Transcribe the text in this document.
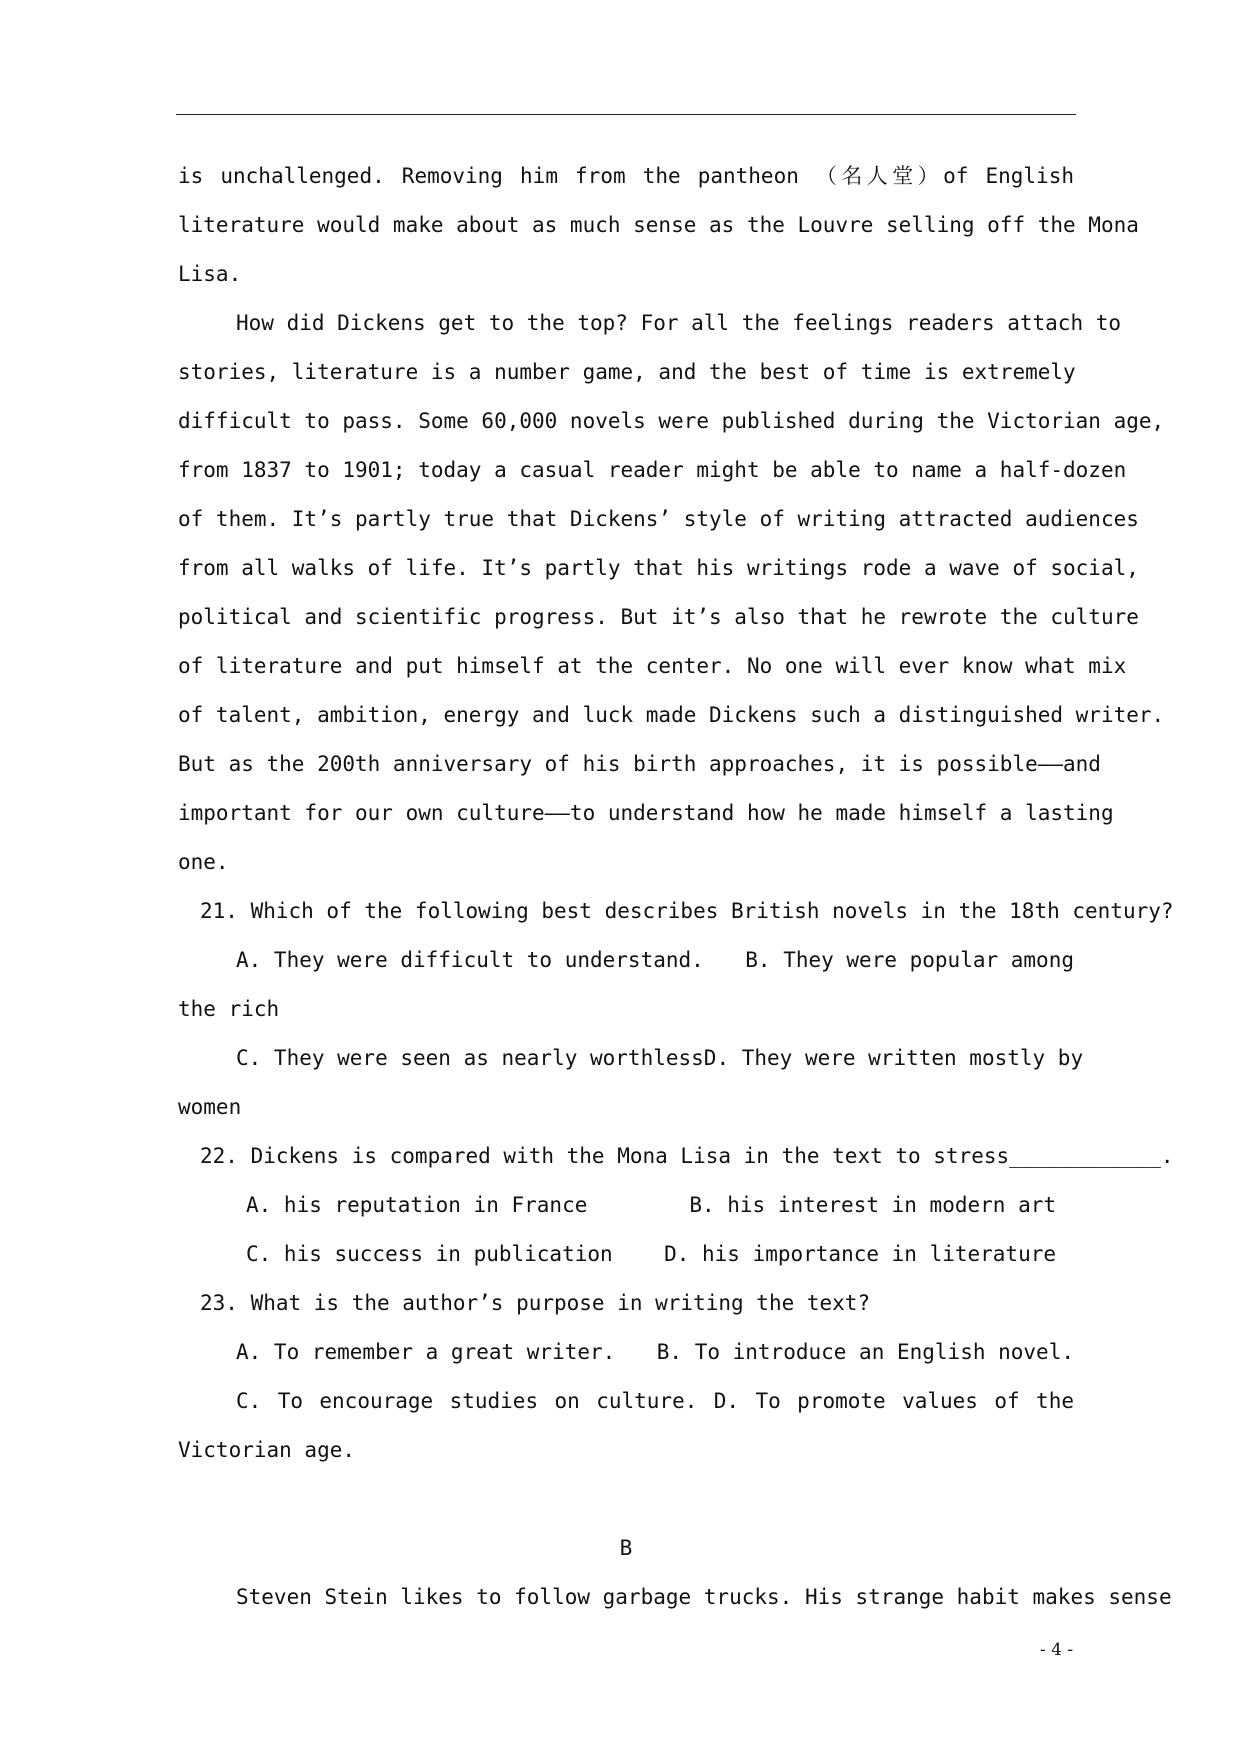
is unchallenged. Removing him from the pantheon （名人堂）of English
literature would make about as much sense as the Louvre selling off the Mona
Lisa.
How did Dickens get to the top? For all the feelings readers attach to
stories, literature is a number game, and the best of time is extremely
difficult to pass. Some 60,000 novels were published during the Victorian age,
from 1837 to 1901; today a casual reader might be able to name a half-dozen
of them. It’s partly true that Dickens’ style of writing attracted audiences
from all walks of life. It’s partly that his writings rode a wave of social,
political and scientific progress. But it’s also that he rewrote the culture
of literature and put himself at the center. No one will ever know what mix
of talent, ambition, energy and luck made Dickens such a distinguished writer.
But as the 200th anniversary of his birth approaches, it is possible——and
important for our own culture——to understand how he made himself a lasting
one.
21. Which of the following best describes British novels in the 18th century?
A. They were difficult to understand. B. They were popular among
the rich
C. They were seen as nearly worthless D. They were written mostly by
women
22. Dickens is compared with the Mona Lisa in the text to stress____________.
A. his reputation in France	B. his interest in modern art
C. his success in publication D. his importance in literature
23. What is the author’s purpose in writing the text?
A. To remember a great writer. B. To introduce an English novel.
C. To encourage studies on culture. D. To promote values of the
Victorian age.
B
Steven Stein likes to follow garbage trucks. His strange habit makes sense
- 4 -
